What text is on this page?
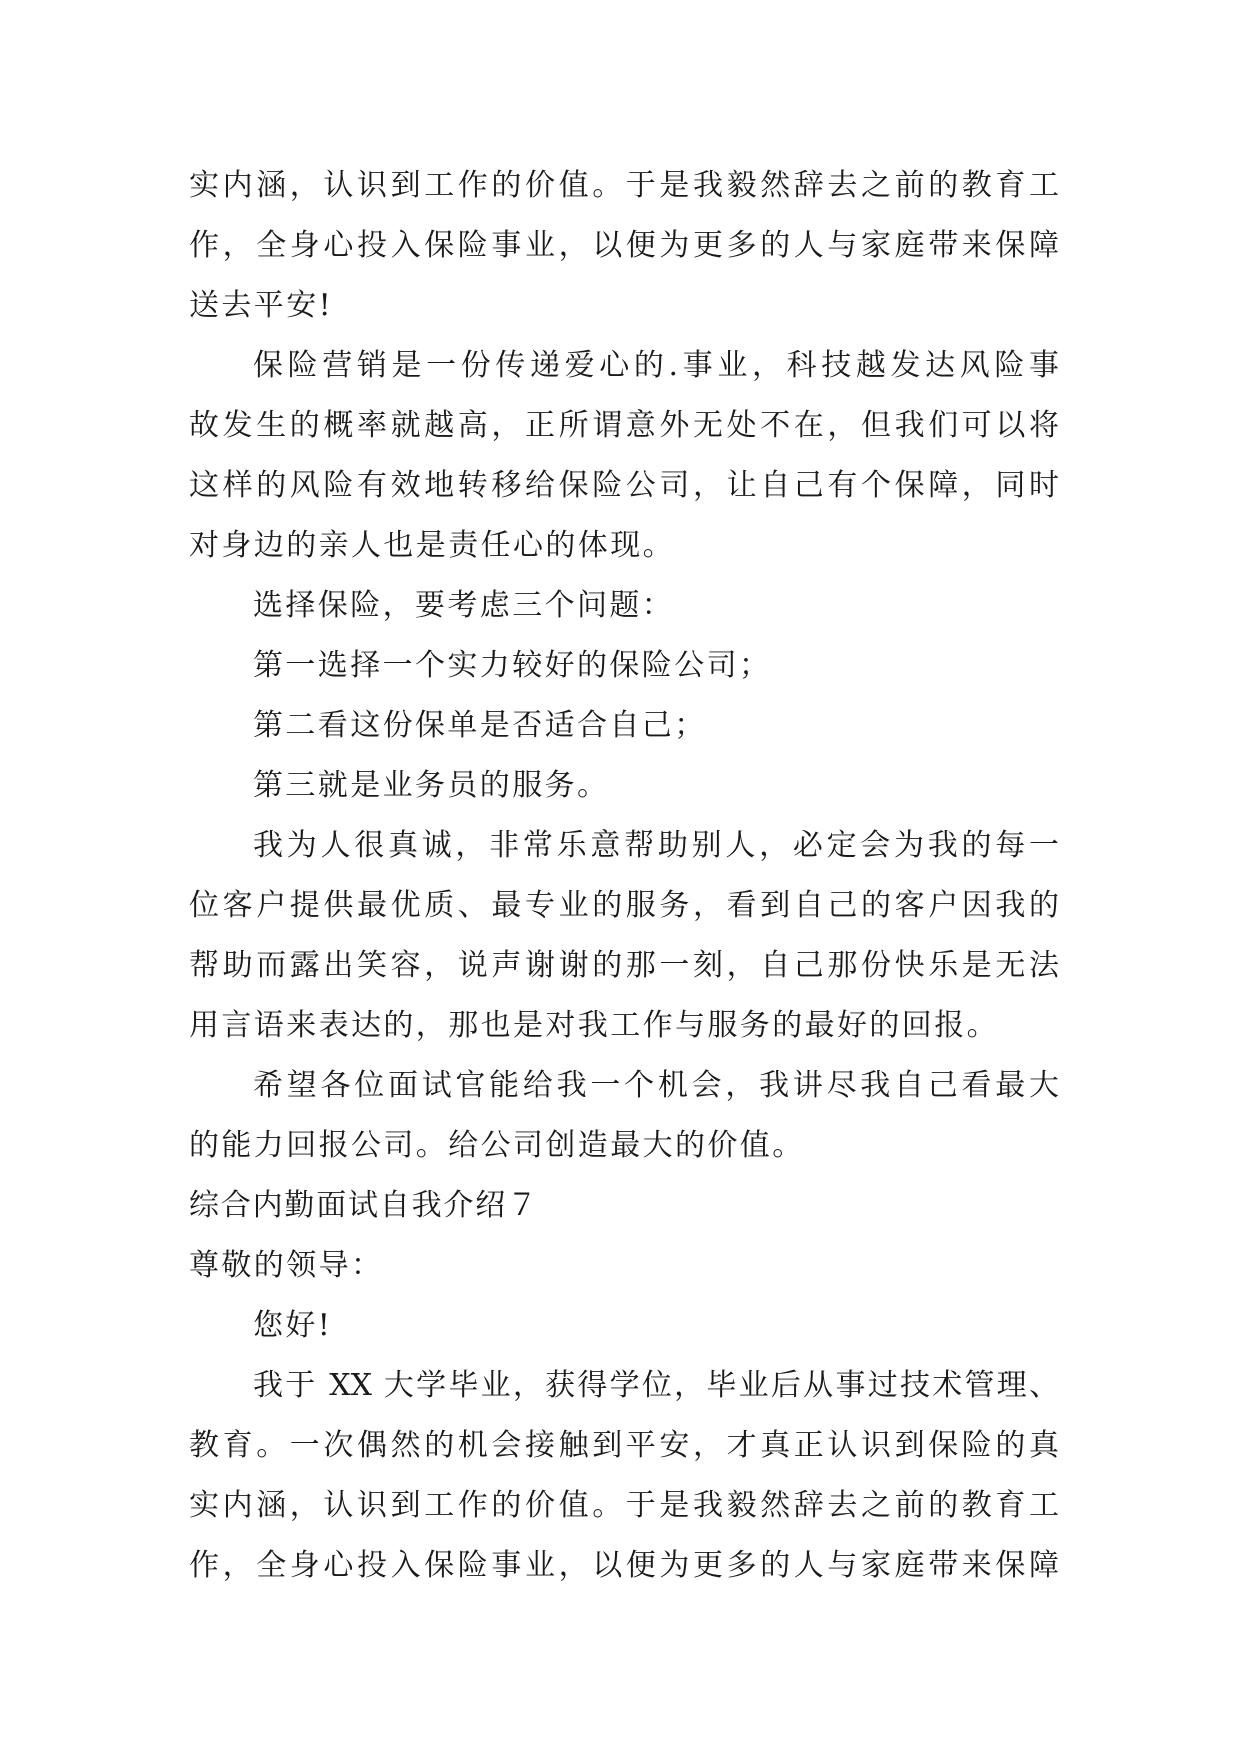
实内涵，认识到工作的价值。于是我毅然辞去之前的教育工
作，全身心投入保险事业，以便为更多的人与家庭带来保障
送去平安!
保险营销是一份传递爱心的.事业，科技越发达风险事
故发生的概率就越高，正所谓意外无处不在，但我们可以将
这样的风险有效地转移给保险公司，让自己有个保障，同时
对身边的亲人也是责任心的体现。
选择保险，要考虑三个问题：
第一选择一个实力较好的保险公司；
第二看这份保单是否适合自己；
第三就是业务员的服务。
我为人很真诚，非常乐意帮助别人，必定会为我的每一
位客户提供最优质、最专业的服务，看到自己的客户因我的
帮助而露出笑容，说声谢谢的那一刻，自己那份快乐是无法
用言语来表达的，那也是对我工作与服务的最好的回报。
希望各位面试官能给我一个机会，我讲尽我自己看最大
的能力回报公司。给公司创造最大的价值。
综合内勤面试自我介绍７
尊敬的领导：
您好!
我于 XX 大学毕业，获得学位，毕业后从事过技术管理、
教育。一次偶然的机会接触到平安，才真正认识到保险的真
实内涵，认识到工作的价值。于是我毅然辞去之前的教育工
作，全身心投入保险事业，以便为更多的人与家庭带来保障
